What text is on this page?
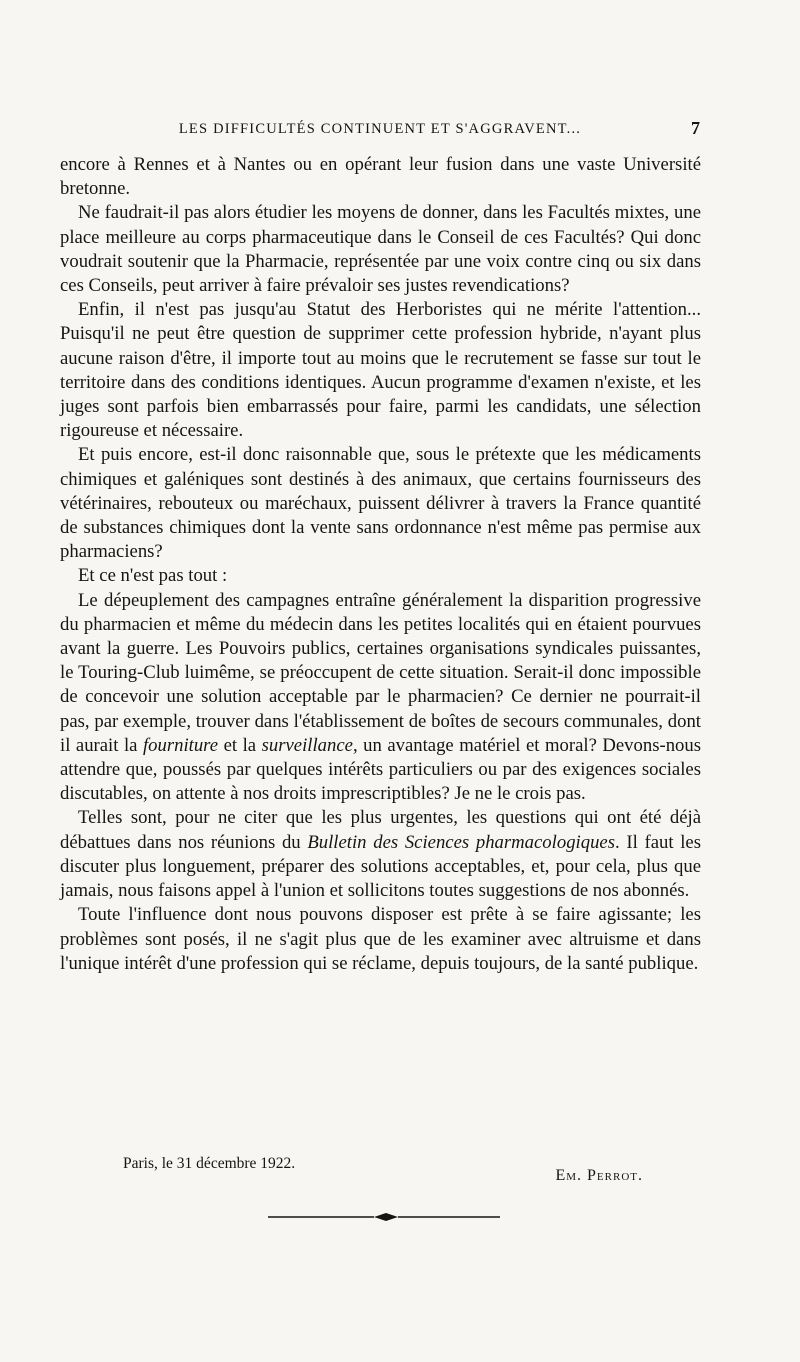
LES DIFFICULTÉS CONTINUENT ET S'AGGRAVENT...	7

encore à Rennes et à Nantes ou en opérant leur fusion dans une vaste Université bretonne.

Ne faudrait-il pas alors étudier les moyens de donner, dans les Facultés mixtes, une place meilleure au corps pharmaceutique dans le Conseil de ces Facultés? Qui donc voudrait soutenir que la Pharmacie, représentée par une voix contre cinq ou six dans ces Conseils, peut arriver à faire prévaloir ses justes revendications?

Enfin, il n'est pas jusqu'au Statut des Herboristes qui ne mérite l'attention... Puisqu'il ne peut être question de supprimer cette profession hybride, n'ayant plus aucune raison d'être, il importe tout au moins que le recrutement se fasse sur tout le territoire dans des conditions identiques. Aucun programme d'examen n'existe, et les juges sont parfois bien embarrassés pour faire, parmi les candidats, une sélection rigoureuse et nécessaire.

Et puis encore, est-il donc raisonnable que, sous le prétexte que les médicaments chimiques et galéniques sont destinés à des animaux, que certains fournisseurs des vétérinaires, rebouteux ou maréchaux, puissent délivrer à travers la France quantité de substances chimiques dont la vente sans ordonnance n'est même pas permise aux pharmaciens?

Et ce n'est pas tout :

Le dépeuplement des campagnes entraîne généralement la disparition progressive du pharmacien et même du médecin dans les petites localités qui en étaient pourvues avant la guerre. Les Pouvoirs publics, certaines organisations syndicales puissantes, le Touring-Club luimême, se préoccupent de cette situation. Serait-il donc impossible de concevoir une solution acceptable par le pharmacien? Ce dernier ne pourrait-il pas, par exemple, trouver dans l'établissement de boîtes de secours communales, dont il aurait la fourniture et la surveillance, un avantage matériel et moral? Devons-nous attendre que, poussés par quelques intérêts particuliers ou par des exigences sociales discutables, on attente à nos droits imprescriptibles? Je ne le crois pas.

Telles sont, pour ne citer que les plus urgentes, les questions qui ont été déjà débattues dans nos réunions du Bulletin des Sciences pharmacologiques. Il faut les discuter plus longuement, préparer des solutions acceptables, et, pour cela, plus que jamais, nous faisons appel à l'union et sollicitons toutes suggestions de nos abonnés.

Toute l'influence dont nous pouvons disposer est prête à se faire agissante; les problèmes sont posés, il ne s'agit plus que de les examiner avec altruisme et dans l'unique intérêt d'une profession qui se réclame, depuis toujours, de la santé publique.

Paris, le 31 décembre 1922.
Em. Perrot.
